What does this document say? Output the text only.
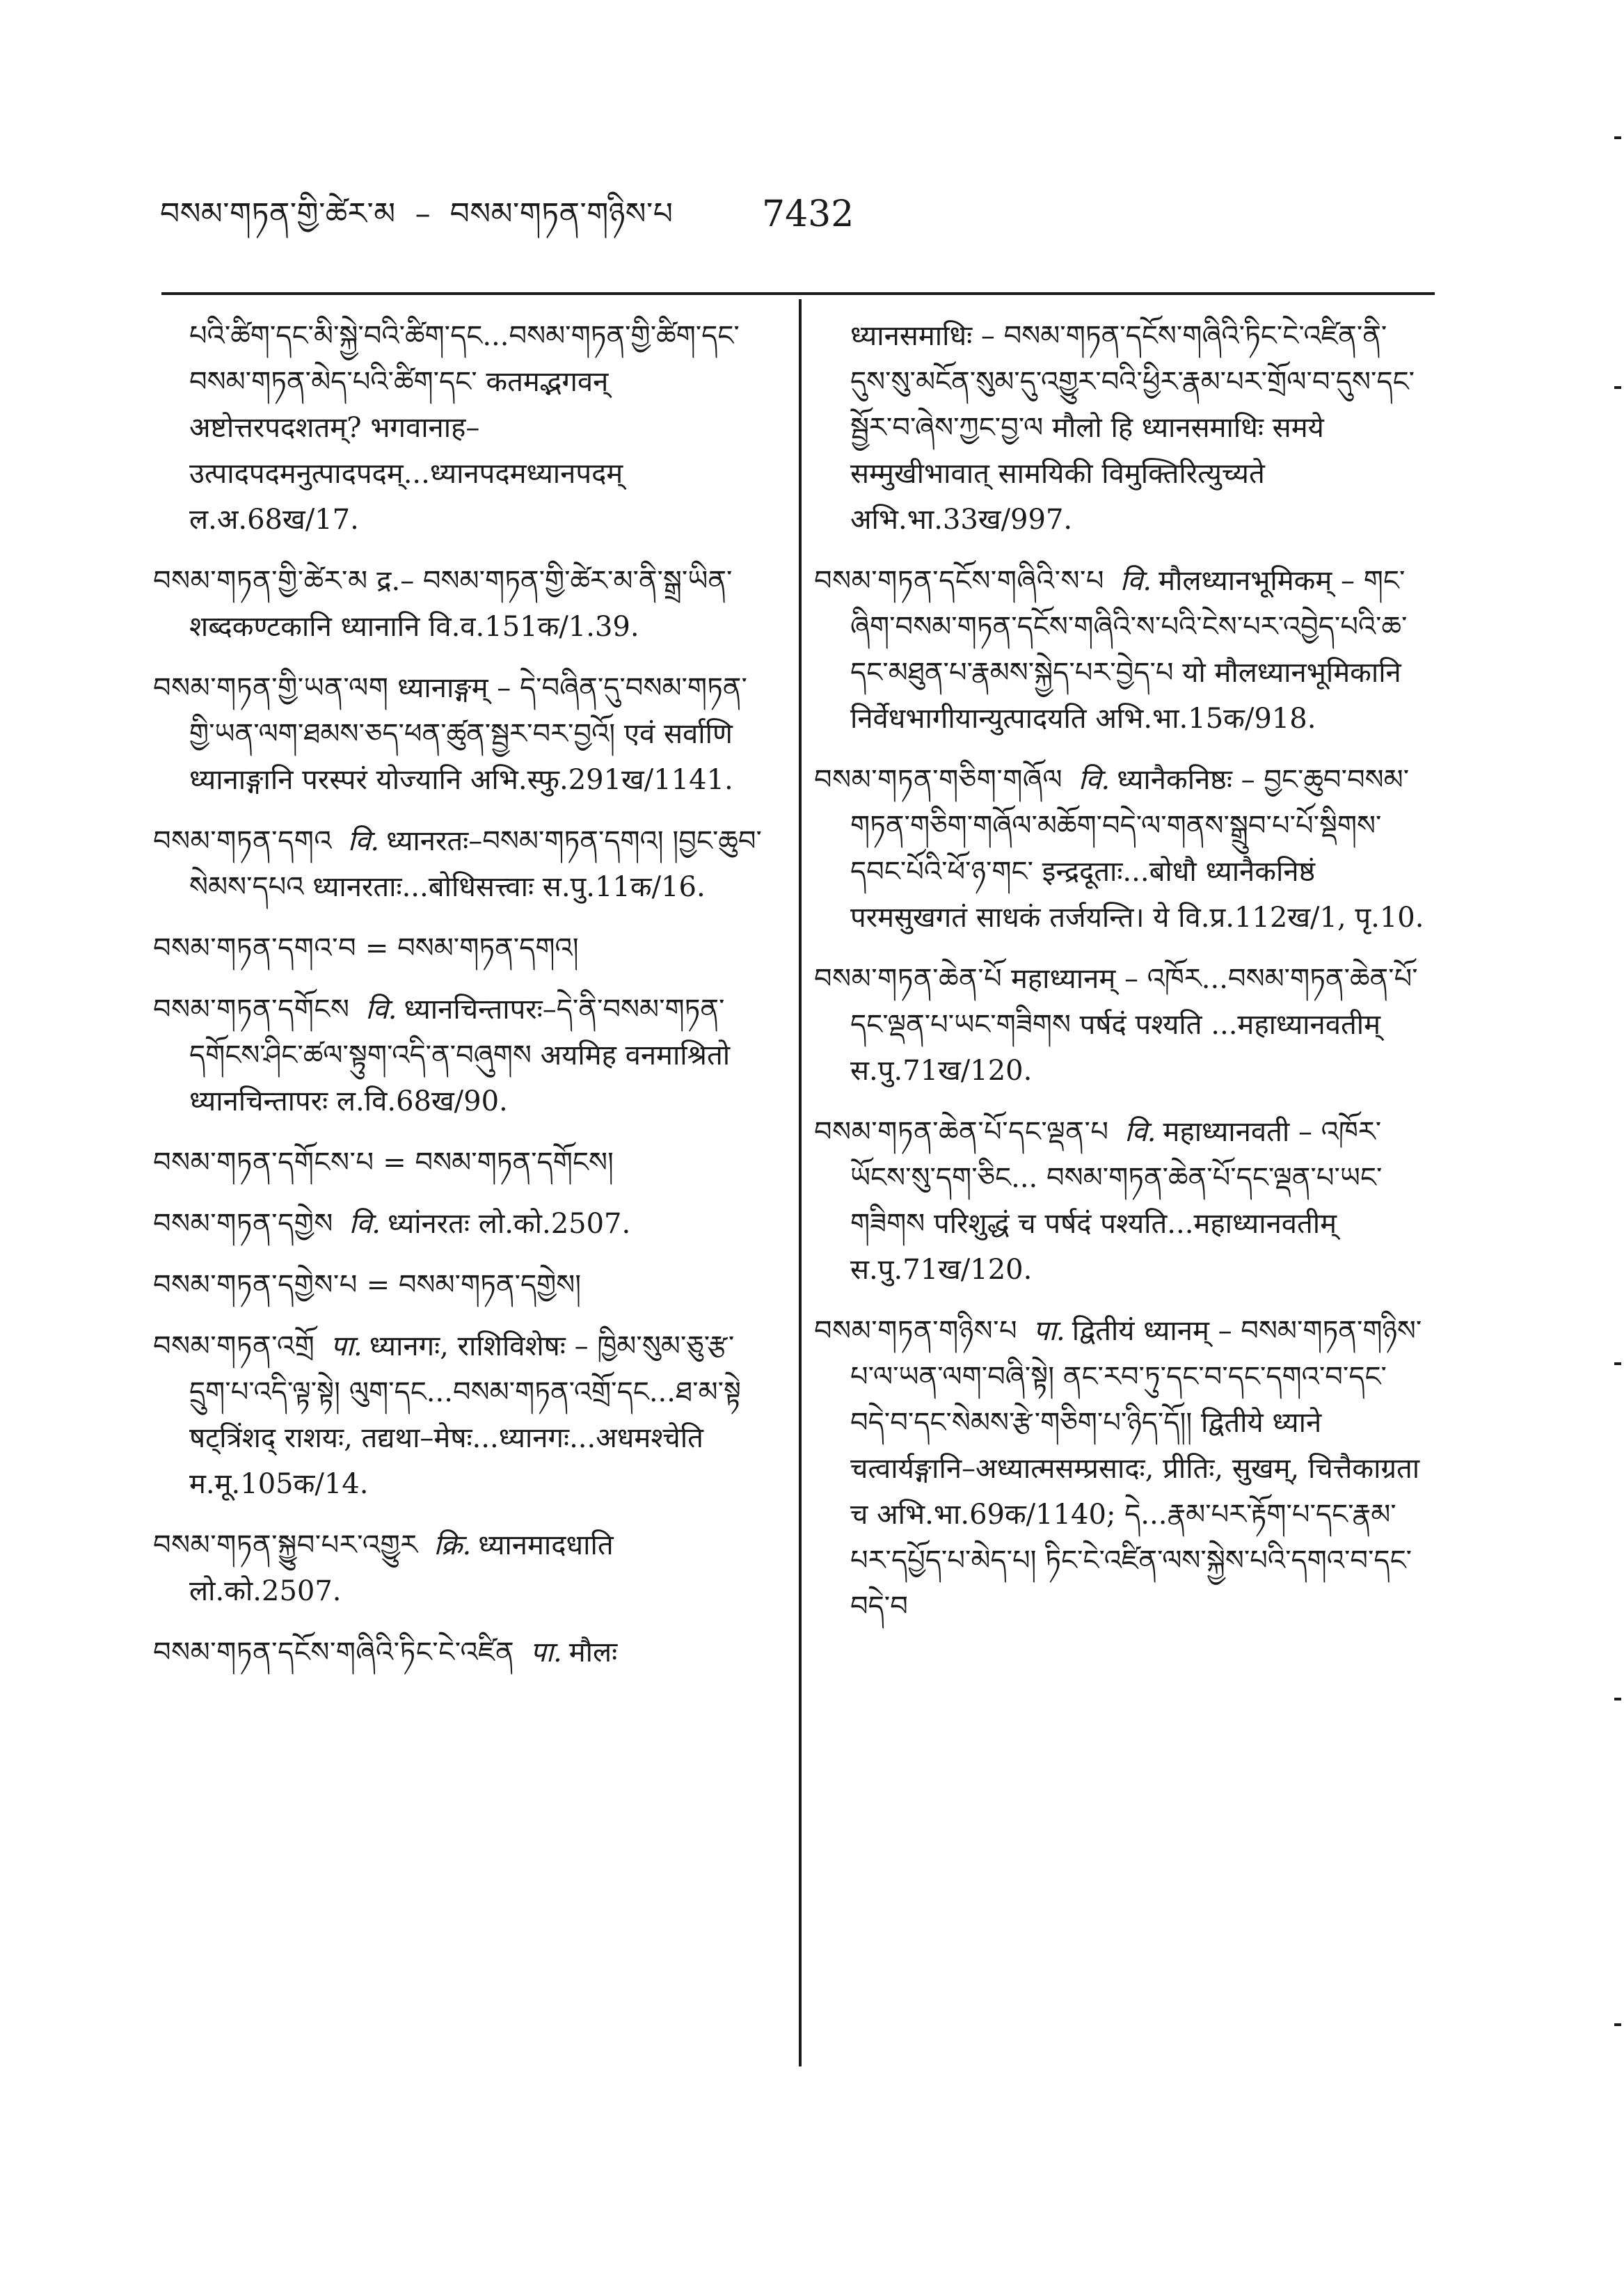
བསམ་གཏན་གྱི་ཚེར་མ – བསམ་གཏན་གཉིས་པ	7432
པའི་ཚིག་དང་མི་སྐྱེ་བའི་ཚིག་དང...བསམ་གཏན་གྱི་ཚིག་དང་བསམ་གཏན་མེད་པའི་ཚིག་དང་ कतमद्भगवन् अष्टोत्तरपदशतम्? भगवानाह–उत्पादपदमनुत्पादपदम्...ध्यानपदमध्यानपदम् ल.अ.68ख/17.
བསམ་གཏན་གྱི་ཚེར་མ द्र.– བསམ་གཏན་གྱི་ཚེར་མ་ནི་སྒྲ་ཡིན་ शब्दकण्टकानि ध्यानानि वि.व.151क/1.39.
བསམ་གཏན་གྱི་ཡན་ལག ध्यानाङ्गम् – དེ་བཞིན་དུ་བསམ་གཏན་གྱི་ཡན་ལག་ཐམས་ཅད་ཕན་ཚུན་སྦྱར་བར་བྱའོ། एवं सर्वाणि ध्यानाङ्गानि परस्परं योज्यानि अभि.स्फु.291ख/1141.
བསམ་གཏན་དགའ वि. ध्यानरतः–བསམ་གཏན་དགའ། །བྱང་ཆུབ་སེམས་དཔའ ध्यानरताः...बोधिसत्त्वाः स.पु.11क/16.
བསམ་གཏན་དགའ་བ = བསམ་གཏན་དགའ།
བསམ་གཏན་དགོངས वि. ध्यानचिन्तापरः–དེ་ནི་བསམ་གཏན་དགོངས་ཤིང་ཚལ་སྟུག་འདི་ན་བཞུགས अयमिह वनमाश्रितो ध्यानचिन्तापरः ल.वि.68ख/90.
བསམ་གཏན་དགོངས་པ = བསམ་གཏན་དགོངས།
བསམ་གཏན་དགྱེས वि. ध्यांनरतः लो.को.2507.
བསམ་གཏན་དགྱེས་པ = བསམ་གཏན་དགྱེས།
བསམ་གཏན་འགྲོ पा. ध्यानगः, राशिविशेषः – ཁྱིམ་སུམ་ཅུ་རྩ་དྲུག་པ་འདི་ལྟ་སྟེ། ལུག་དང...བསམ་གཏན་འགྲོ་དང...ཐ་མ་སྟེ षट्त्रिंशद् राशयः, तद्यथा–मेषः...ध्यानगः...अधमश्चेति म.मू.105क/14.
བསམ་གཏན་སྐྱུབ་པར་འགྱུར क्रि. ध्यानमादधाति लो.को.2507.
བསམ་གཏན་དངོས་གཞིའི་ཏིང་ངེ་འཛིན पा. मौलः
ध्यानसमाधिः – བསམ་གཏན་དངོས་གཞིའི་ཏིང་ངེ་འཛིན་ནི་དུས་སུ་མངོན་སུམ་དུ་འགྱུར་བའི་ཕྱིར་རྣམ་པར་གྲོལ་བ་དུས་དང་སྦྱོར་བ་ཞེས་ཀྱང་བྱ་ལ मौलो हि ध्यानसमाधिः समये सम्मुखीभावात् सामयिकी विमुक्तिरित्युच्यते अभि.भा.33ख/997.
བསམ་གཏན་དངོས་གཞིའི་ས་པ वि. मौलध्यानभूमिकम् – གང་ཞིག་བསམ་གཏན་དངོས་གཞིའི་ས་པའི་ངེས་པར་འབྱེད་པའི་ཆ་དང་མཐུན་པ་རྣམས་སྐྱེད་པར་བྱེད་པ यो मौलध्यानभूमिकानि निर्वेधभागीयान्युत्पादयति अभि.भा.15क/918.
བསམ་གཏན་གཅིག་གཞོལ वि. ध्यानैकनिष्ठः – བྱང་ཆུབ་བསམ་གཏན་གཅིག་གཞོལ་མཆོག་བདེ་ལ་གནས་སྒྲུབ་པ་པོ་སྡིགས་དབང་པོའི་ཕོ་ཉ་གང་ इन्द्रदूताः...बोधौ ध्यानैकनिष्ठं परमसुखगतं साधकं तर्जयन्ति। ये वि.प्र.112ख/1, पृ.10.
བསམ་གཏན་ཆེན་པོ महाध्यानम् – འཁོར...བསམ་གཏན་ཆེན་པོ་དང་ལྡན་པ་ཡང་གཟིགས पर्षदं पश्यति ...महाध्यानवतीम् स.पु.71ख/120.
བསམ་གཏན་ཆེན་པོ་དང་ལྡན་པ वि. महाध्यानवती – འཁོར་ཡོངས་སུ་དག་ཅིང... བསམ་གཏན་ཆེན་པོ་དང་ལྡན་པ་ཡང་གཟིགས परिशुद्धं च पर्षदं पश्यति...महाध्यानवतीम् स.पु.71ख/120.
བསམ་གཏན་གཉིས་པ पा. द्वितीयं ध्यानम् – བསམ་གཏན་གཉིས་པ་ལ་ཡན་ལག་བཞི་སྟེ། ནང་རབ་ཏུ་དང་བ་དང་དགའ་བ་དང་བདེ་བ་དང་སེམས་རྩེ་གཅིག་པ་ཉིད་དོ།། द्वितीये ध्याने चत्वार्यङ्गानि–अध्यात्मसम्प्रसादः, प्रीतिः, सुखम्, चित्तैकाग्रता च अभि.भा.69क/1140; དེ...རྣམ་པར་རྟོག་པ་དང་རྣམ་པར་དཔྱོད་པ་མེད་པ། ཏིང་ངེ་འཛིན་ལས་སྐྱེས་པའི་དགའ་བ་དང་བདེ་བ
